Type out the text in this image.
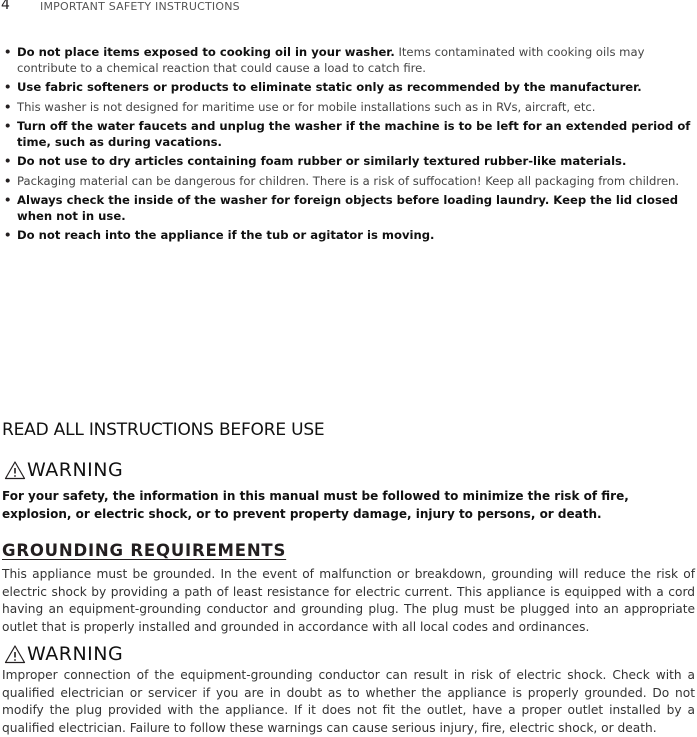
4	IMPORTANT SAFETY INSTRUCTIONS
• Do not place items exposed to cooking oil in your washer. Items contaminated with cooking oils may contribute to a chemical reaction that could cause a load to catch fire.
• Use fabric softeners or products to eliminate static only as recommended by the manufacturer.
• This washer is not designed for maritime use or for mobile installations such as in RVs, aircraft, etc.
• Turn off the water faucets and unplug the washer if the machine is to be left for an extended period of time, such as during vacations.
• Do not use to dry articles containing foam rubber or similarly textured rubber-like materials.
• Packaging material can be dangerous for children. There is a risk of suffocation! Keep all packaging from children.
• Always check the inside of the washer for foreign objects before loading laundry. Keep the lid closed when not in use.
• Do not reach into the appliance if the tub or agitator is moving.
READ ALL INSTRUCTIONS BEFORE USE
WARNING
For your safety, the information in this manual must be followed to minimize the risk of fire, explosion, or electric shock, or to prevent property damage, injury to persons, or death.
GROUNDING REQUIREMENTS
This appliance must be grounded. In the event of malfunction or breakdown, grounding will reduce the risk of electric shock by providing a path of least resistance for electric current. This appliance is equipped with a cord having an equipment-grounding conductor and grounding plug. The plug must be plugged into an appropriate outlet that is properly installed and grounded in accordance with all local codes and ordinances.
WARNING
Improper connection of the equipment-grounding conductor can result in risk of electric shock. Check with a qualified electrician or servicer if you are in doubt as to whether the appliance is properly grounded. Do not modify the plug provided with the appliance. If it does not fit the outlet, have a proper outlet installed by a qualified electrician. Failure to follow these warnings can cause serious injury, fire, electric shock, or death.
